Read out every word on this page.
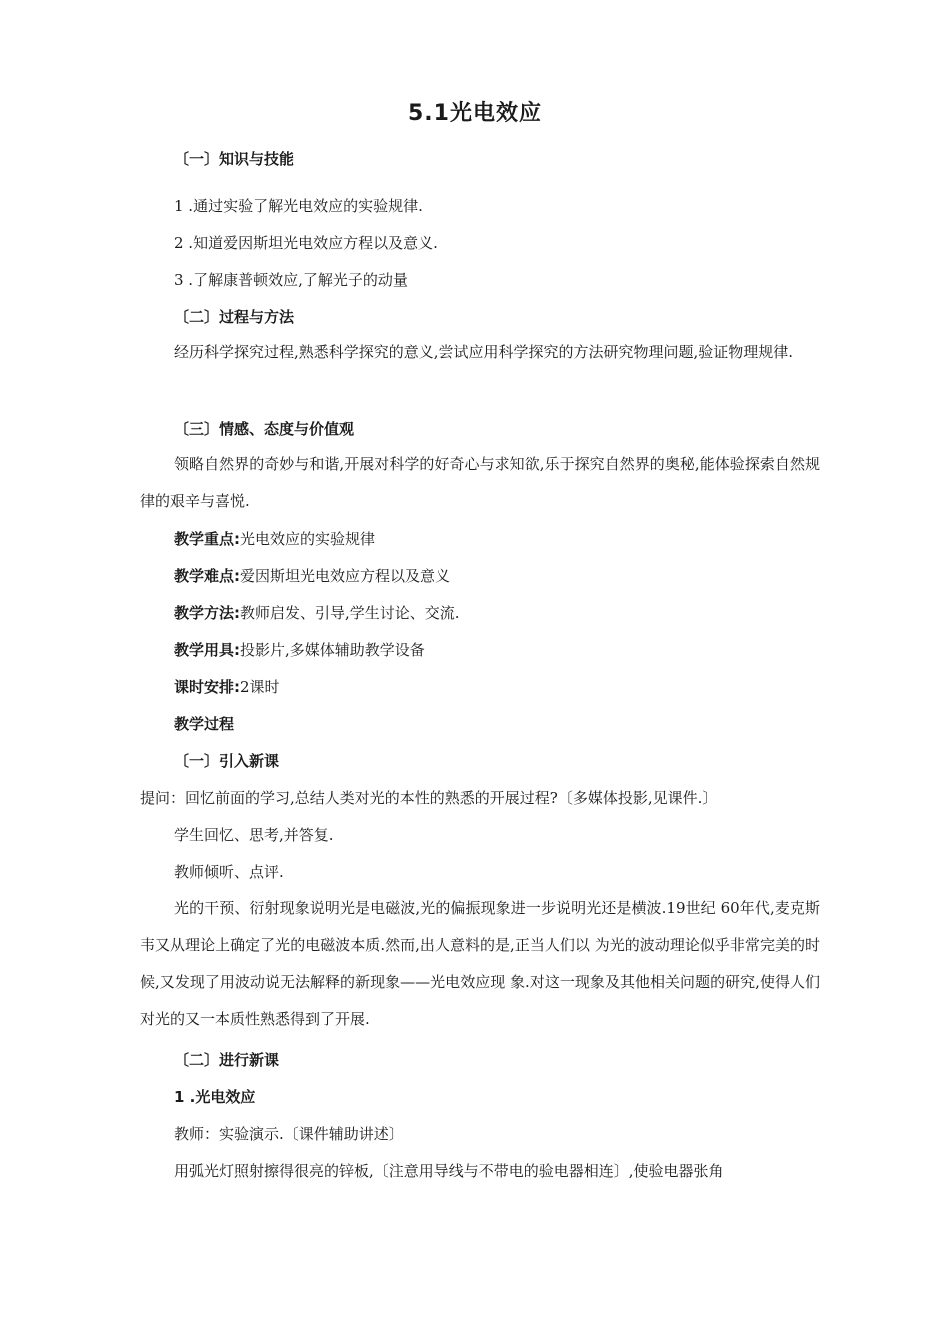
5.1光电效应
〔一〕知识与技能
1 .通过实验了解光电效应的实验规律.
2 .知道爱因斯坦光电效应方程以及意义.
3 .了解康普顿效应,了解光子的动量
〔二〕过程与方法
经历科学探究过程,熟悉科学探究的意义,尝试应用科学探究的方法研究物理问题,验证物理规律.
〔三〕情感、态度与价值观
领略自然界的奇妙与和谐,开展对科学的好奇心与求知欲,乐于探究自然界的奥秘,能体验探索自然规律的艰辛与喜悦.
教学重点:光电效应的实验规律
教学难点:爱因斯坦光电效应方程以及意义
教学方法:教师启发、引导,学生讨论、交流.
教学用具:投影片,多媒体辅助教学设备
课时安排:2课时
教学过程
〔一〕引入新课
提问：回忆前面的学习,总结人类对光的本性的熟悉的开展过程?〔多媒体投影,见课件.〕
学生回忆、思考,并答复.
教师倾听、点评.
光的干预、衍射现象说明光是电磁波,光的偏振现象进一步说明光还是横波.19世纪 60年代,麦克斯韦又从理论上确定了光的电磁波本质.然而,出人意料的是,正当人们以 为光的波动理论似乎非常完美的时候,又发现了用波动说无法解释的新现象——光电效应现 象.对这一现象及其他相关问题的研究,使得人们对光的又一本质性熟悉得到了开展.
〔二〕进行新课
1 .光电效应
教师：实验演示.〔课件辅助讲述〕
用弧光灯照射擦得很亮的锌板,〔注意用导线与不带电的验电器相连〕,使验电器张角
